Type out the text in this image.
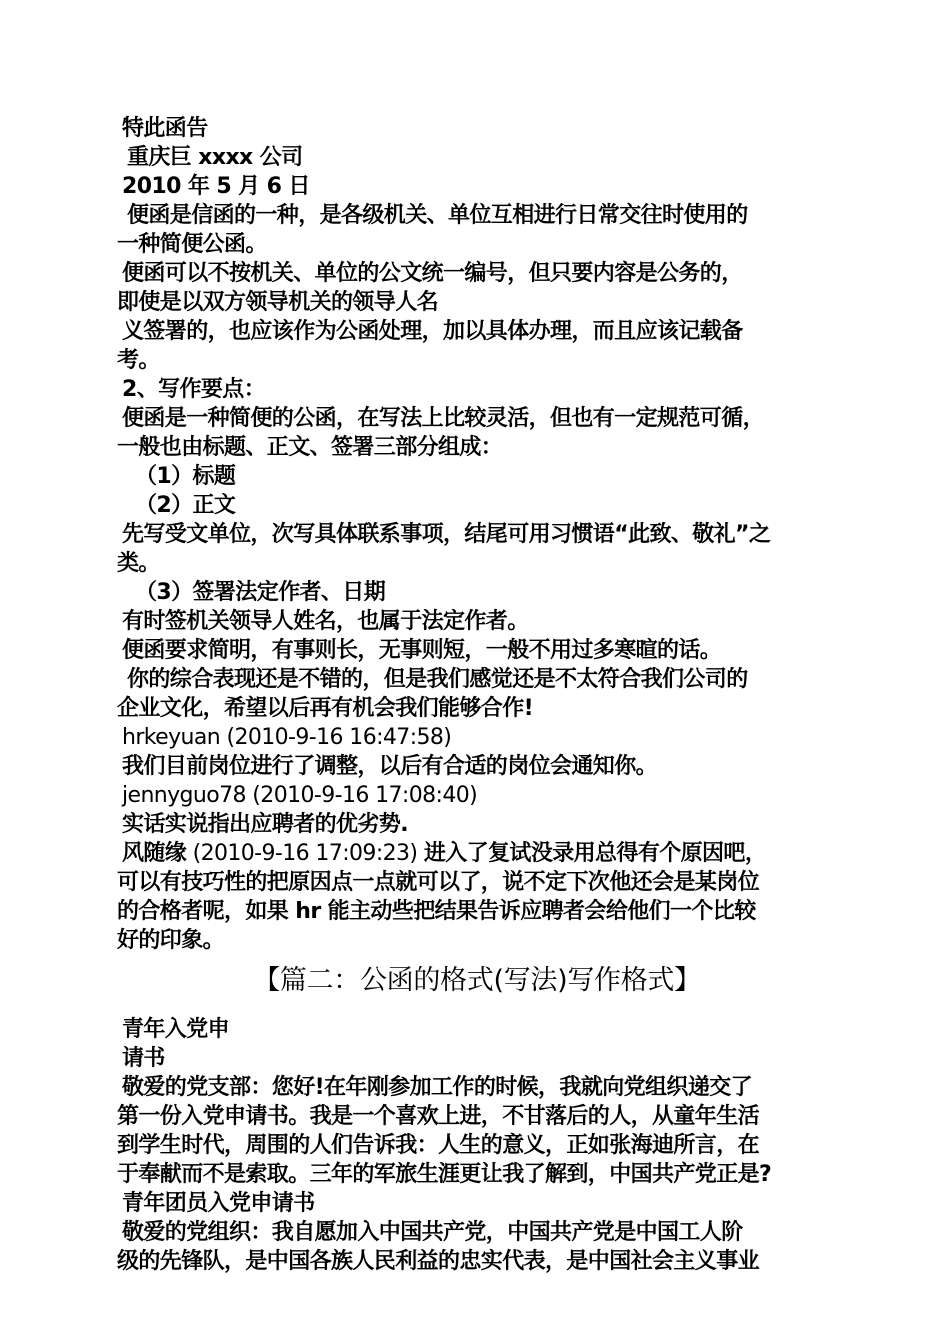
特此函告
重庆巨 xxxx 公司
2010 年 5 月 6 日
便函是信函的一种，是各级机关、单位互相进行日常交往时使用的
一种简便公函。
便函可以不按机关、单位的公文统一编号，但只要内容是公务的，
即使是以双方领导机关的领导人名
义签署的，也应该作为公函处理，加以具体办理，而且应该记载备
考。
2、写作要点：
便函是一种简便的公函，在写法上比较灵活，但也有一定规范可循，
一般也由标题、正文、签署三部分组成：
（1）标题
（2）正文
先写受文单位，次写具体联系事项，结尾可用习惯语“此致、敬礼”之
类。
（3）签署法定作者、日期
有时签机关领导人姓名，也属于法定作者。
便函要求简明，有事则长，无事则短，一般不用过多寒暄的话。
你的综合表现还是不错的，但是我们感觉还是不太符合我们公司的
企业文化，希望以后再有机会我们能够合作!
hrkeyuan (2010-9-16 16:47:58)
我们目前岗位进行了调整，以后有合适的岗位会通知你。
jennyguo78 (2010-9-16 17:08:40)
实话实说指出应聘者的优劣势.
风随缘 (2010-9-16 17:09:23) 进入了复试没录用总得有个原因吧，
可以有技巧性的把原因点一点就可以了，说不定下次他还会是某岗位
的合格者呢，如果 hr 能主动些把结果告诉应聘者会给他们一个比较
好的印象。
【篇二：公函的格式(写法)写作格式】
青年入党申
请书
敬爱的党支部：您好!在年刚参加工作的时候，我就向党组织递交了
第一份入党申请书。我是一个喜欢上进，不甘落后的人，从童年生活
到学生时代，周围的人们告诉我：人生的意义，正如张海迪所言，在
于奉献而不是索取。三年的军旅生涯更让我了解到，中国共产党正是?
青年团员入党申请书
敬爱的党组织：我自愿加入中国共产党，中国共产党是中国工人阶
级的先锋队，是中国各族人民利益的忠实代表，是中国社会主义事业
